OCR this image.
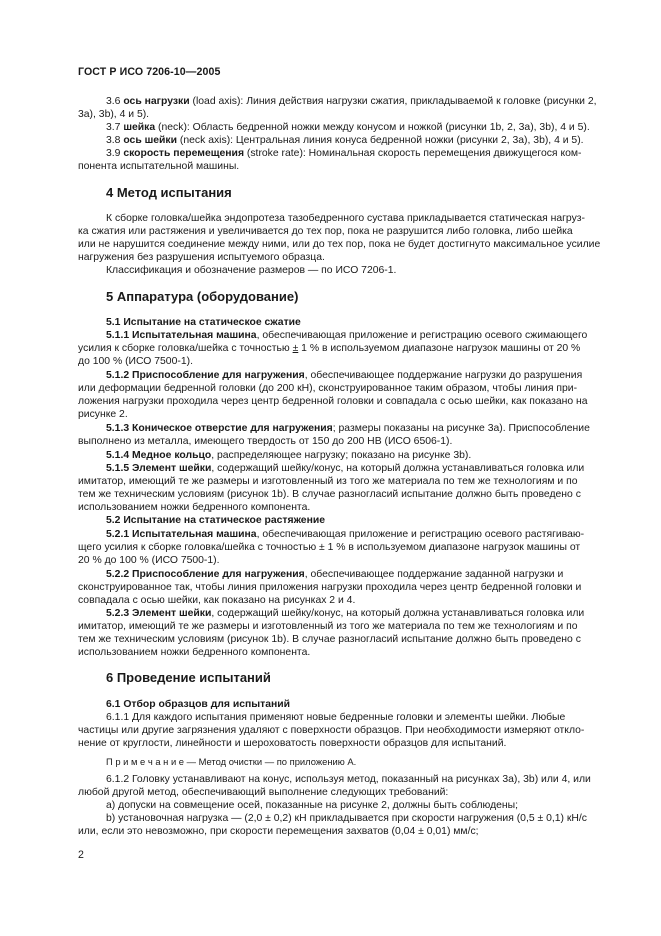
ГОСТ Р ИСО 7206-10—2005
3.6 ось нагрузки (load axis): Линия действия нагрузки сжатия, прикладываемой к головке (рисунки 2,
3a), 3b), 4 и 5).
3.7 шейка (neck): Область бедренной ножки между конусом и ножкой (рисунки 1b, 2, 3a), 3b), 4 и 5).
3.8 ось шейки (neck axis): Центральная линия конуса бедренной ножки (рисунки 2, 3a), 3b), 4 и 5).
3.9 скорость перемещения (stroke rate): Номинальная скорость перемещения движущегося ком-
понента испытательной машины.
4 Метод испытания
К сборке головка/шейка эндопротеза тазобедренного сустава прикладывается статическая нагруз-
ка сжатия или растяжения и увеличивается до тех пор, пока не разрушится либо головка, либо шейка
или не нарушится соединение между ними, или до тех пор, пока не будет достигнуто максимальное усилие
нагружения без разрушения испытуемого образца.
Классификация и обозначение размеров — по ИСО 7206-1.
5 Аппаратура (оборудование)
5.1 Испытание на статическое сжатие
5.1.1 Испытательная машина, обеспечивающая приложение и регистрацию осевого сжимающего
усилия к сборке головка/шейка с точностью ± 1 % в используемом диапазоне нагрузок машины от 20 %
до 100 % (ИСО 7500-1).
5.1.2 Приспособление для нагружения, обеспечивающее поддержание нагрузки до разрушения
или деформации бедренной головки (до 200 кН), сконструированное таким образом, чтобы линия при-
ложения нагрузки проходила через центр бедренной головки и совпадала с осью шейки, как показано на
рисунке 2.
5.1.3 Коническое отверстие для нагружения; размеры показаны на рисунке 3a). Приспособление
выполнено из металла, имеющего твердость от 150 до 200 НВ (ИСО 6506-1).
5.1.4 Медное кольцо, распределяющее нагрузку; показано на рисунке 3b).
5.1.5 Элемент шейки, содержащий шейку/конус, на который должна устанавливаться головка или
имитатор, имеющий те же размеры и изготовленный из того же материала по тем же технологиям и по
тем же техническим условиям (рисунок 1b). В случае разногласий испытание должно быть проведено с
использованием ножки бедренного компонента.
5.2 Испытание на статическое растяжение
5.2.1 Испытательная машина, обеспечивающая приложение и регистрацию осевого растягиваю-
щего усилия к сборке головка/шейка с точностью ± 1 % в используемом диапазоне нагрузок машины от
20 % до 100 % (ИСО 7500-1).
5.2.2 Приспособление для нагружения, обеспечивающее поддержание заданной нагрузки и
сконструированное так, чтобы линия приложения нагрузки проходила через центр бедренной головки и
совпадала с осью шейки, как показано на рисунках 2 и 4.
5.2.3 Элемент шейки, содержащий шейку/конус, на который должна устанавливаться головка или
имитатор, имеющий те же размеры и изготовленный из того же материала по тем же технологиям и по
тем же техническим условиям (рисунок 1b). В случае разногласий испытание должно быть проведено с
использованием ножки бедренного компонента.
6 Проведение испытаний
6.1 Отбор образцов для испытаний
6.1.1 Для каждого испытания применяют новые бедренные головки и элементы шейки. Любые
частицы или другие загрязнения удаляют с поверхности образцов. При необходимости измеряют откло-
нение от круглости, линейности и шероховатость поверхности образцов для испытаний.
П р и м е ч а н и е — Метод очистки — по приложению А.
6.1.2 Головку устанавливают на конус, используя метод, показанный на рисунках 3a), 3b) или 4, или
любой другой метод, обеспечивающий выполнение следующих требований:
a) допуски на совмещение осей, показанные на рисунке 2, должны быть соблюдены;
b) установочная нагрузка — (2,0 ± 0,2) кН прикладывается при скорости нагружения (0,5 ± 0,1) кН/с
или, если это невозможно, при скорости перемещения захватов (0,04 ± 0,01) мм/с;
2
